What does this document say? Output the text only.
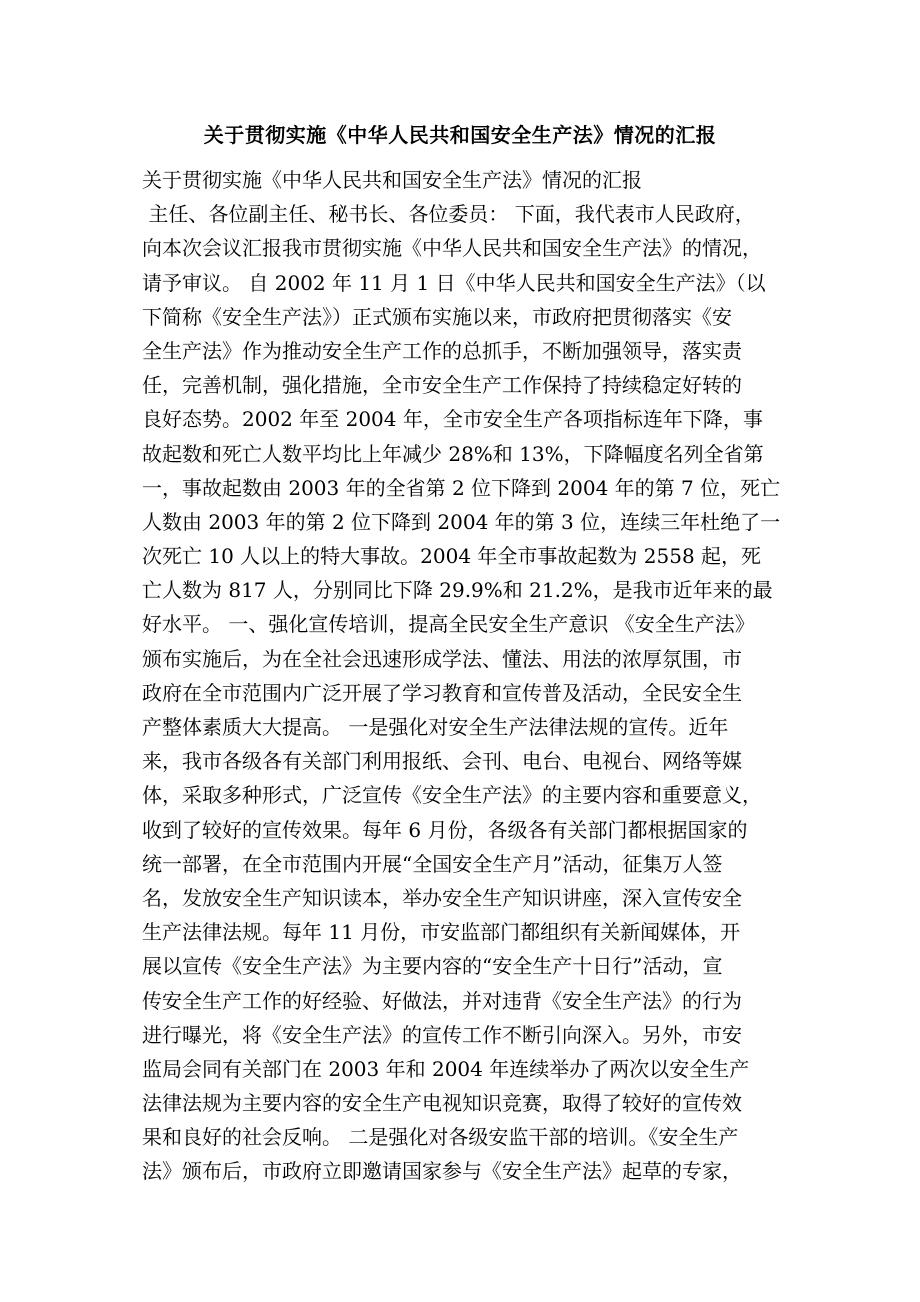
关于贯彻实施《中华人民共和国安全生产法》情况的汇报
关于贯彻实施《中华人民共和国安全生产法》情况的汇报
主任、各位副主任、秘书长、各位委员： 下面，我代表市人民政府，
向本次会议汇报我市贯彻实施《中华人民共和国安全生产法》的情况，
请予审议。 自 2002 年 11 月 1 日《中华人民共和国安全生产法》（以
下简称《安全生产法》）正式颁布实施以来，市政府把贯彻落实《安
全生产法》作为推动安全生产工作的总抓手，不断加强领导，落实责
任，完善机制，强化措施，全市安全生产工作保持了持续稳定好转的
良好态势。2002 年至 2004 年，全市安全生产各项指标连年下降，事
故起数和死亡人数平均比上年减少 28%和 13%，下降幅度名列全省第
一，事故起数由 2003 年的全省第 2 位下降到 2004 年的第 7 位，死亡
人数由 2003 年的第 2 位下降到 2004 年的第 3 位，连续三年杜绝了一
次死亡 10 人以上的特大事故。2004 年全市事故起数为 2558 起，死
亡人数为 817 人，分别同比下降 29.9%和 21.2%，是我市近年来的最
好水平。 一、强化宣传培训，提高全民安全生产意识 《安全生产法》
颁布实施后，为在全社会迅速形成学法、懂法、用法的浓厚氛围，市
政府在全市范围内广泛开展了学习教育和宣传普及活动，全民安全生
产整体素质大大提高。 一是强化对安全生产法律法规的宣传。近年
来，我市各级各有关部门利用报纸、会刊、电台、电视台、网络等媒
体，采取多种形式，广泛宣传《安全生产法》的主要内容和重要意义，
收到了较好的宣传效果。每年 6 月份，各级各有关部门都根据国家的
统一部署，在全市范围内开展“全国安全生产月”活动，征集万人签
名，发放安全生产知识读本，举办安全生产知识讲座，深入宣传安全
生产法律法规。每年 11 月份，市安监部门都组织有关新闻媒体，开
展以宣传《安全生产法》为主要内容的“安全生产十日行”活动，宣
传安全生产工作的好经验、好做法，并对违背《安全生产法》的行为
进行曝光，将《安全生产法》的宣传工作不断引向深入。另外，市安
监局会同有关部门在 2003 年和 2004 年连续举办了两次以安全生产
法律法规为主要内容的安全生产电视知识竞赛，取得了较好的宣传效
果和良好的社会反响。 二是强化对各级安监干部的培训。《安全生产
法》颁布后，市政府立即邀请国家参与《安全生产法》起草的专家，
